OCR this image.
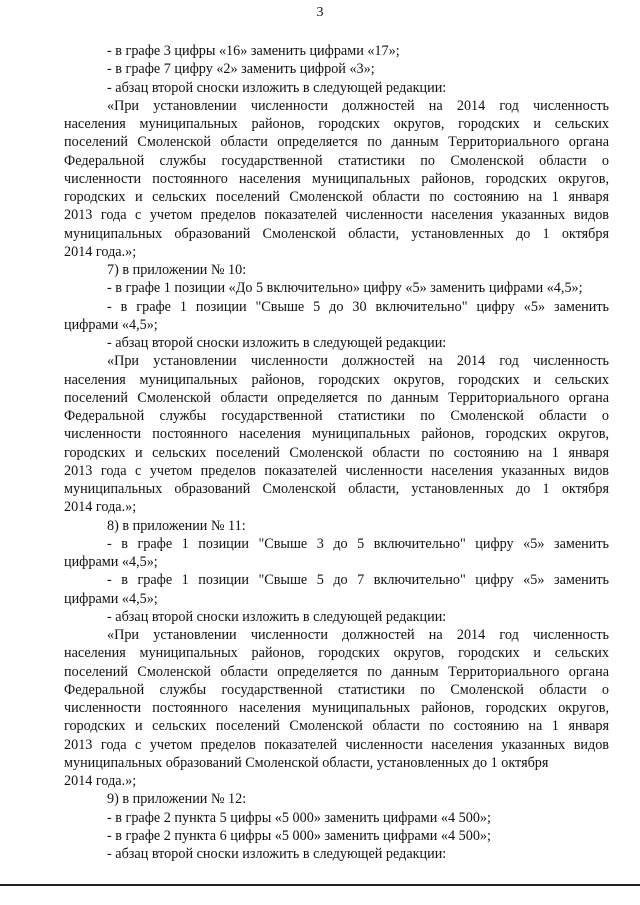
3
- в графе 3 цифры «16» заменить цифрами «17»;
- в графе 7 цифру «2» заменить цифрой «3»;
- абзац второй сноски изложить в следующей редакции:
«При установлении численности должностей на 2014 год численность
населения муниципальных районов, городских округов, городских и сельских
поселений Смоленской области определяется по данным Территориального органа
Федеральной службы государственной статистики по Смоленской области о
численности постоянного населения муниципальных районов, городских округов,
городских и сельских поселений Смоленской области по состоянию на 1 января
2013 года с учетом пределов показателей численности населения указанных видов
муниципальных образований Смоленской области, установленных до 1 октября
2014 года.»;
7) в приложении № 10:
- в графе 1 позиции «До 5 включительно» цифру «5» заменить цифрами «4,5»;
- в графе 1 позиции "Свыше 5 до 30 включительно" цифру «5» заменить
цифрами «4,5»;
- абзац второй сноски изложить в следующей редакции:
«При установлении численности должностей на 2014 год численность
населения муниципальных районов, городских округов, городских и сельских
поселений Смоленской области определяется по данным Территориального органа
Федеральной службы государственной статистики по Смоленской области о
численности постоянного населения муниципальных районов, городских округов,
городских и сельских поселений Смоленской области по состоянию на 1 января
2013 года с учетом пределов показателей численности населения указанных видов
муниципальных образований Смоленской области, установленных до 1 октября
2014 года.»;
8) в приложении № 11:
- в графе 1 позиции "Свыше 3 до 5 включительно" цифру «5» заменить
цифрами «4,5»;
- в графе 1 позиции "Свыше 5 до 7 включительно" цифру «5» заменить
цифрами «4,5»;
- абзац второй сноски изложить в следующей редакции:
«При установлении численности должностей на 2014 год численность
населения муниципальных районов, городских округов, городских и сельских
поселений Смоленской области определяется по данным Территориального органа
Федеральной службы государственной статистики по Смоленской области о
численности постоянного населения муниципальных районов, городских округов,
городских и сельских поселений Смоленской области по состоянию на 1 января
2013 года с учетом пределов показателей численности населения указанных видов
муниципальных образований Смоленской области, установленных до 1 октября
2014 года.»;
9) в приложении № 12:
- в графе 2 пункта 5 цифры «5 000» заменить цифрами «4 500»;
- в графе 2 пункта 6 цифры «5 000» заменить цифрами «4 500»;
- абзац второй сноски изложить в следующей редакции:
